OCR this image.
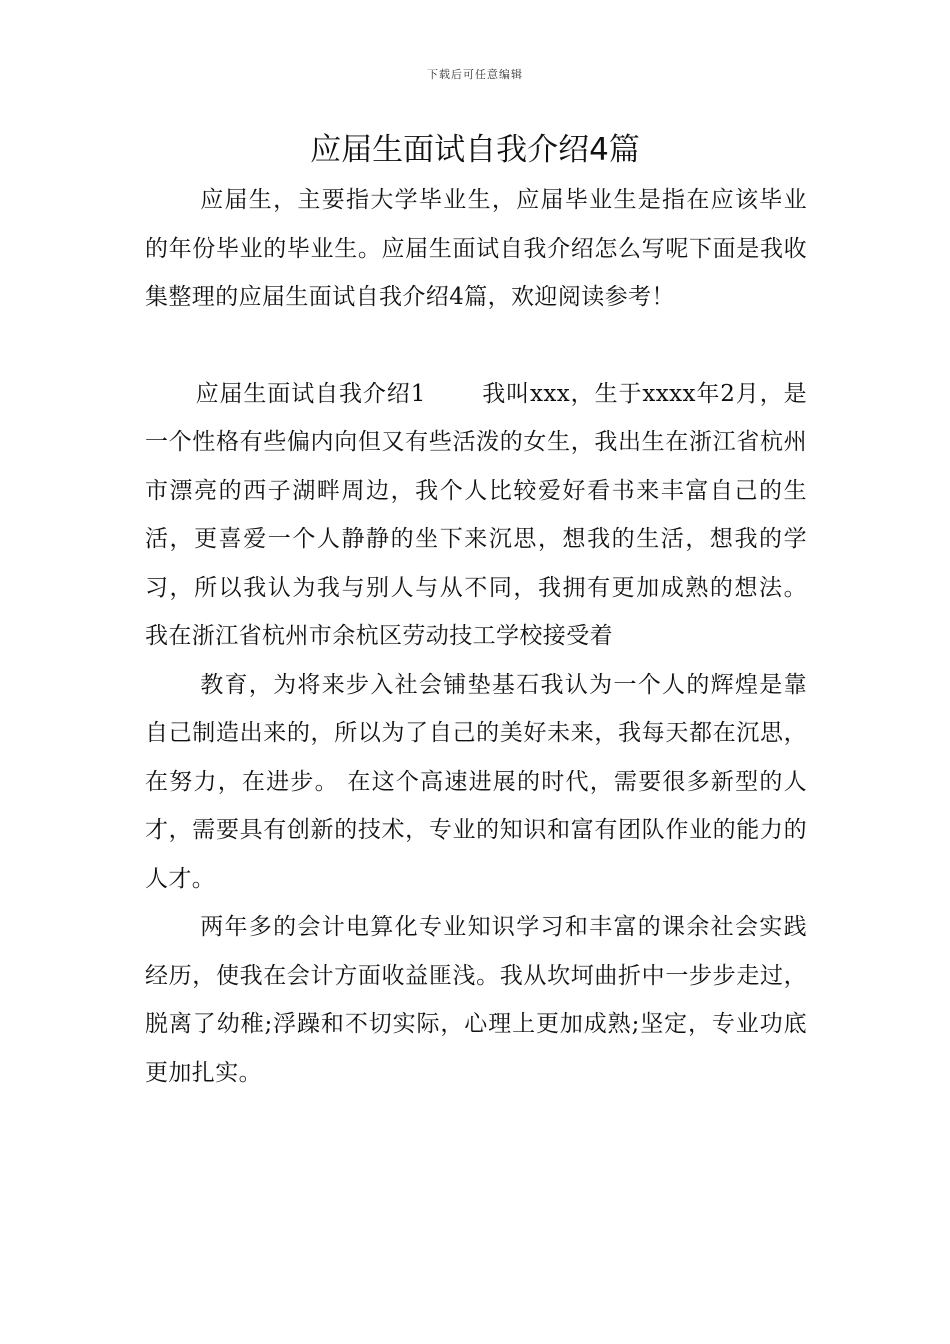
下载后可任意编辑
应届生面试自我介绍4篇

应届生，主要指大学毕业生，应届毕业生是指在应该毕业的年份毕业的毕业生。应届生面试自我介绍怎么写呢下面是我收集整理的应届生面试自我介绍4篇，欢迎阅读参考！

应届生面试自我介绍1 我叫xxx，生于xxxx年2月，是一个性格有些偏内向但又有些活泼的女生，我出生在浙江省杭州市漂亮的西子湖畔周边，我个人比较爱好看书来丰富自己的生活，更喜爱一个人静静的坐下来沉思，想我的生活，想我的学习，所以我认为我与别人与从不同，我拥有更加成熟的想法。 我在浙江省杭州市余杭区劳动技工学校接受着

教育，为将来步入社会铺垫基石我认为一个人的辉煌是靠自己制造出来的，所以为了自己的美好未来，我每天都在沉思，在努力，在进步。 在这个高速进展的时代，需要很多新型的人才，需要具有创新的技术，专业的知识和富有团队作业的能力的人才。

两年多的会计电算化专业知识学习和丰富的课余社会实践经历，使我在会计方面收益匪浅。我从坎坷曲折中一步步走过，脱离了幼稚;浮躁和不切实际，心理上更加成熟;坚定，专业功底更加扎实。
